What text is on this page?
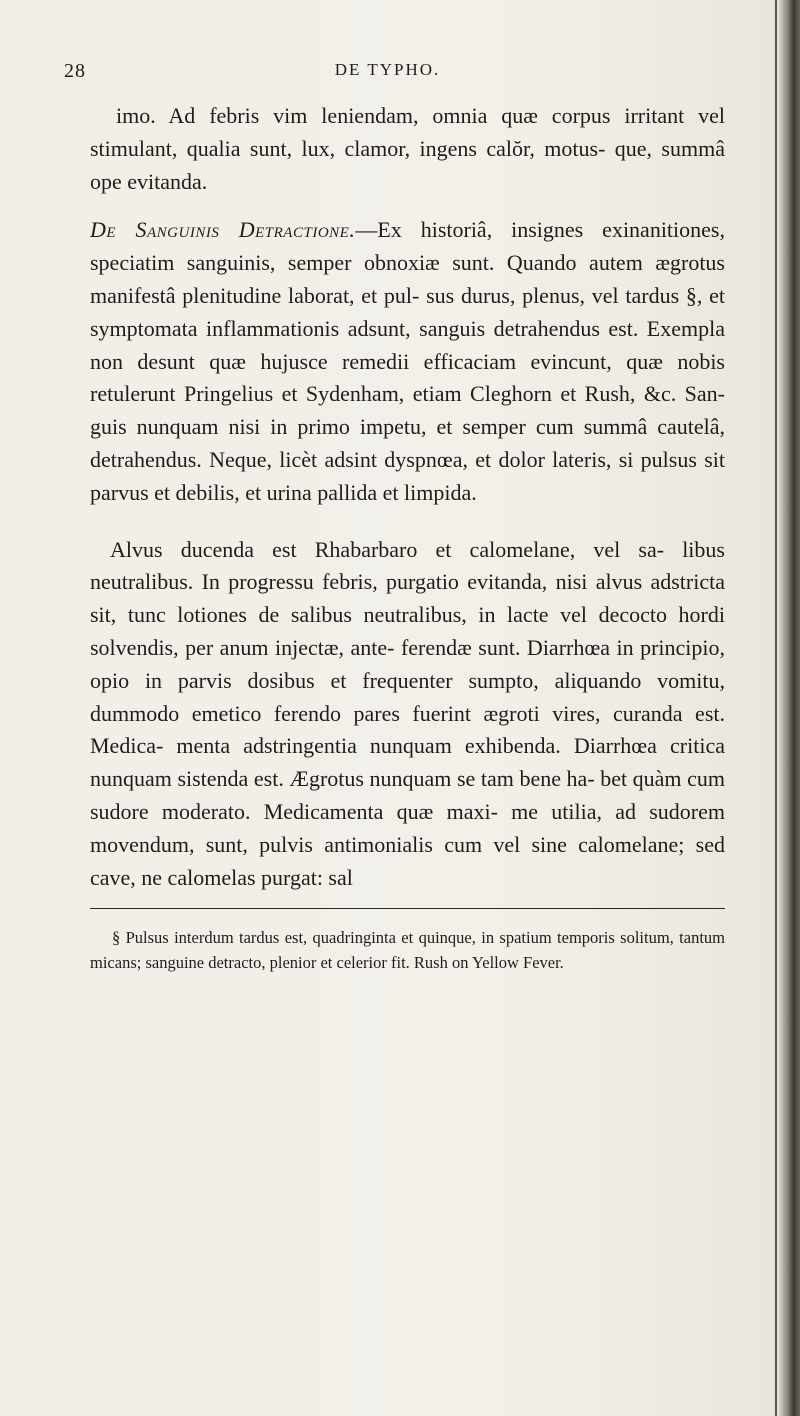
28	DE TYPHO.

imo. Ad febris vim leniendam, omnia quæ corpus irritant vel stimulant, qualia sunt, lux, clamor, ingens calŏr, motus- que, summâ ope evitanda.

De Sanguinis Detractione.—Ex historiâ, insignes exinanitiones, speciatim sanguinis, semper obnoxiæ sunt. Quando autem ægrotus manifestâ plenitudine laborat, et pul- sus durus, plenus, vel tardus §, et symptomata inflammationis adsunt, sanguis detrahendus est. Exempla non desunt quæ hujusce remedii efficaciam evincunt, quæ nobis retulerunt Pringelius et Sydenham, etiam Cleghorn et Rush, &c. San- guis nunquam nisi in primo impetu, et semper cum summâ cautelâ, detrahendus. Neque, licèt adsint dyspnœa, et dolor lateris, si pulsus sit parvus et debilis, et urina pallida et limpida.

Alvus ducenda est Rhabarbaro et calomelane, vel sa- libus neutralibus. In progressu febris, purgatio evitanda, nisi alvus adstricta sit, tunc lotiones de salibus neutralibus, in lacte vel decocto hordi solvendis, per anum injectæ, ante- ferendæ sunt. Diarrhœa in principio, opio in parvis dosibus et frequenter sumpto, aliquando vomitu, dummodo emetico ferendo pares fuerint ægroti vires, curanda est. Medica- menta adstringentia nunquam exhibenda. Diarrhœa critica nunquam sistenda est. Ægrotus nunquam se tam bene ha- bet quàm cum sudore moderato. Medicamenta quæ maxi- me utilia, ad sudorem movendum, sunt, pulvis antimonialis cum vel sine calomelane; sed cave, ne calomelas purgat: sal

§ Pulsus interdum tardus est, quadringinta et quinque, in spatium temporis solitum, tantum micans; sanguine detracto, plenior et celerior fit. Rush on Yellow Fever.
